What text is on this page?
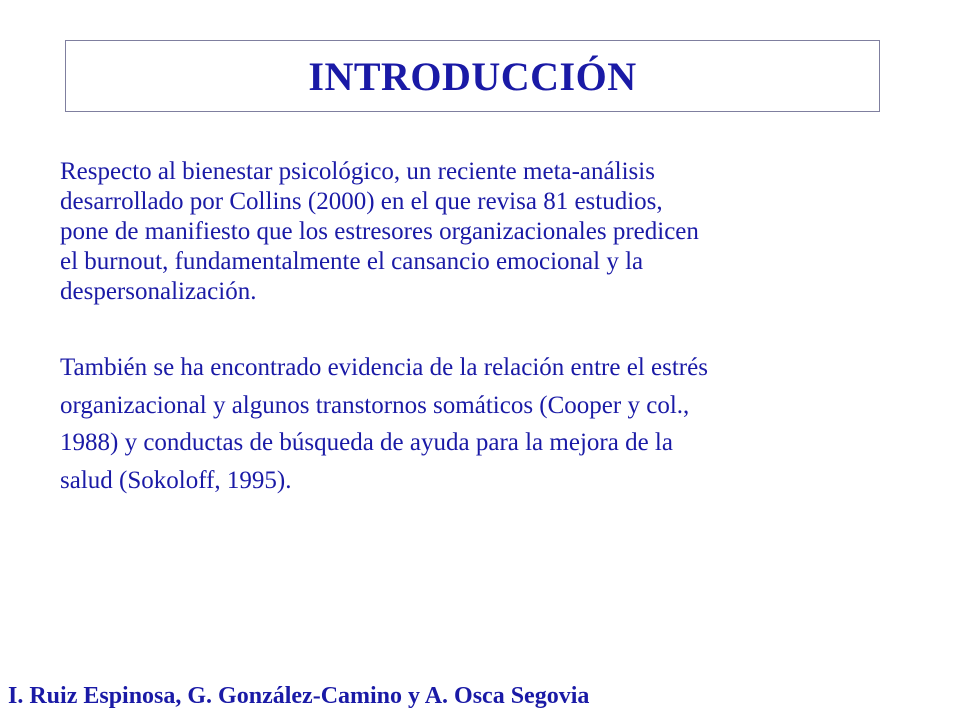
INTRODUCCIÓN

Respecto al bienestar psicológico, un reciente meta-análisis
desarrollado por Collins (2000) en el que revisa 81 estudios,
pone de manifiesto que los estresores organizacionales predicen
el burnout, fundamentalmente el cansancio emocional y la
despersonalización.

También se ha encontrado evidencia de la relación entre el estrés
organizacional y algunos transtornos somáticos (Cooper y col.,
1988) y conductas de búsqueda de ayuda para la mejora de la
salud (Sokoloff, 1995).

I. Ruiz Espinosa, G. González-Camino y A. Osca Segovia
